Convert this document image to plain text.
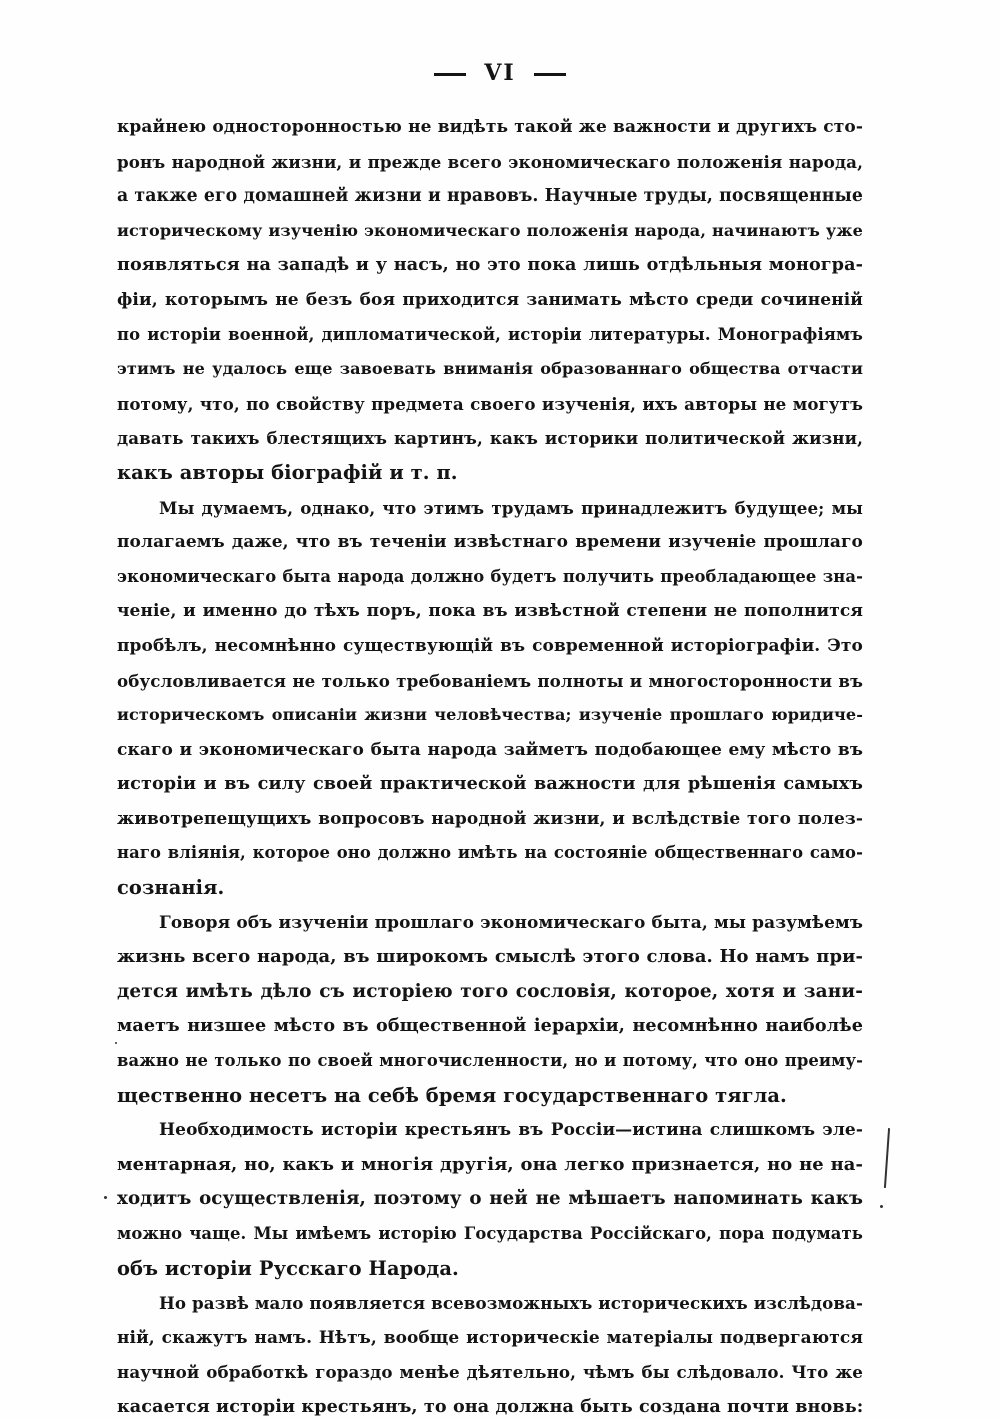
VI
крайнею односторонностью не видѣть такой же важности и другихъ сто-
ронъ народной жизни, и прежде всего экономическаго положенія народа,
а также его домашней жизни и нравовъ. Научные труды, посвященные
историческому изученію экономическаго положенія народа, начинаютъ уже
появляться на западѣ и у насъ, но это пока лишь отдѣльныя моногра-
фіи, которымъ не безъ боя приходится занимать мѣсто среди сочиненій
по исторіи военной, дипломатической, исторіи литературы. Монографіямъ
этимъ не удалось еще завоевать вниманія образованнаго общества отчасти
потому, что, по свойству предмета своего изученія, ихъ авторы не могутъ
давать такихъ блестящихъ картинъ, какъ историки политической жизни,
какъ авторы біографій и т. п.
Мы думаемъ, однако, что этимъ трудамъ принадлежитъ будущее; мы
полагаемъ даже, что въ теченіи извѣстнаго времени изученіе прошлаго
экономическаго быта народа должно будетъ получить преобладающее зна-
ченіе, и именно до тѣхъ поръ, пока въ извѣстной степени не пополнится
пробѣлъ, несомнѣнно существующій въ современной исторіографіи. Это
обусловливается не только требованіемъ полноты и многосторонности въ
историческомъ описаніи жизни человѣчества; изученіе прошлаго юридиче-
скаго и экономическаго быта народа займетъ подобающее ему мѣсто въ
исторіи и въ силу своей практической важности для рѣшенія самыхъ
животрепещущихъ вопросовъ народной жизни, и вслѣдствіе того полез-
наго вліянія, которое оно должно имѣть на состояніе общественнаго само-
сознанія.
Говоря объ изученіи прошлаго экономическаго быта, мы разумѣемъ
жизнь всего народа, въ широкомъ смыслѣ этого слова. Но намъ при-
дется имѣть дѣло съ исторіею того сословія, которое, хотя и зани-
маетъ низшее мѣсто въ общественной іерархіи, несомнѣнно наиболѣе
важно не только по своей многочисленности, но и потому, что оно преиму-
щественно несетъ на себѣ бремя государственнаго тягла.
Необходимость исторіи крестьянъ въ Россіи—истина слишкомъ эле-
ментарная, но, какъ и многія другія, она легко признается, но не на-
ходитъ осуществленія, поэтому о ней не мѣшаетъ напоминать какъ
можно чаще. Мы имѣемъ исторію Государства Россійскаго, пора подумать
объ исторіи Русскаго Народа.
Но развѣ мало появляется всевозможныхъ историческихъ изслѣдова-
ній, скажутъ намъ. Нѣтъ, вообще историческіе матеріалы подвергаются
научной обработкѣ гораздо менѣе дѣятельно, чѣмъ бы слѣдовало. Что же
касается исторіи крестьянъ, то она должна быть создана почти вновь:
